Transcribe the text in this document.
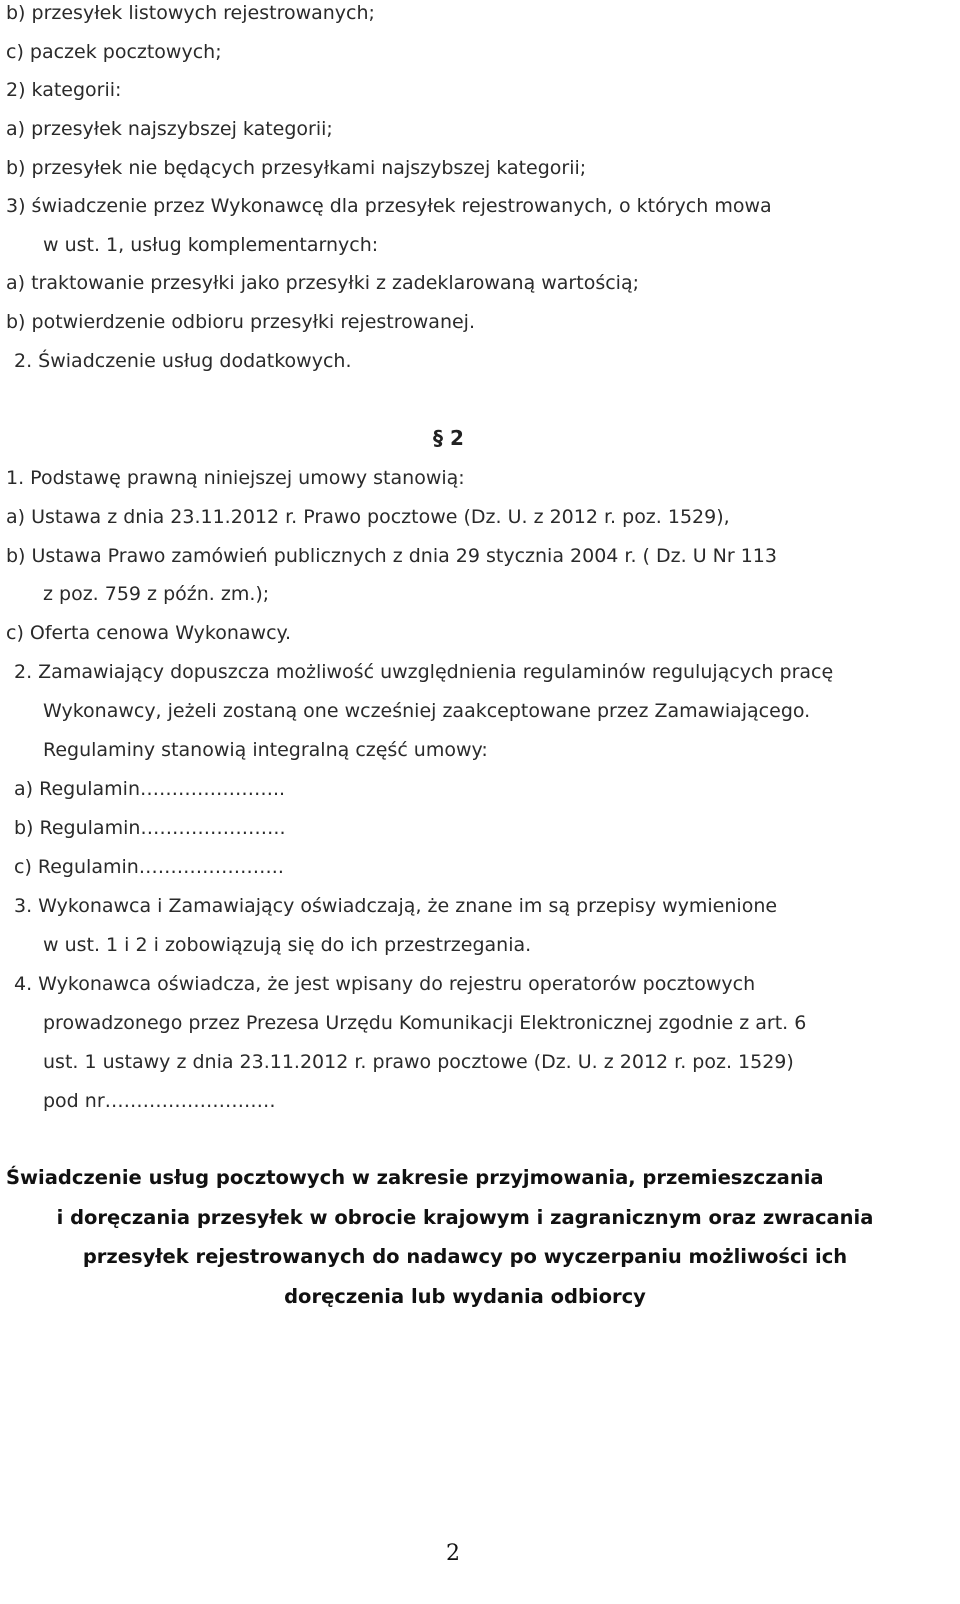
b) przesyłek listowych rejestrowanych;
c) paczek pocztowych;
2) kategorii:
a) przesyłek najszybszej kategorii;
b) przesyłek nie będących przesyłkami najszybszej kategorii;
3) świadczenie przez Wykonawcę dla przesyłek rejestrowanych, o których mowa
w ust. 1, usług komplementarnych:
a) traktowanie przesyłki jako przesyłki z zadeklarowaną wartością;
b) potwierdzenie odbioru przesyłki rejestrowanej.
2. Świadczenie usług dodatkowych.
§ 2
1. Podstawę prawną niniejszej umowy stanowią:
a) Ustawa z dnia 23.11.2012 r. Prawo pocztowe (Dz. U. z 2012 r. poz. 1529),
b) Ustawa Prawo zamówień publicznych z dnia 29 stycznia 2004 r. ( Dz. U Nr 113
z poz. 759 z późn. zm.);
c) Oferta cenowa Wykonawcy.
2. Zamawiający dopuszcza możliwość uwzględnienia regulaminów regulujących pracę
Wykonawcy, jeżeli zostaną one wcześniej zaakceptowane przez Zamawiającego.
Regulaminy stanowią integralną część umowy:
a) Regulamin…………………..
b) Regulamin…………………..
c) Regulamin…………………..
3. Wykonawca i Zamawiający oświadczają, że znane im są przepisy wymienione
w ust. 1 i 2 i zobowiązują się do ich przestrzegania.
4. Wykonawca oświadcza, że jest wpisany do rejestru operatorów pocztowych
prowadzonego przez Prezesa Urzędu Komunikacji Elektronicznej zgodnie z art. 6
ust. 1 ustawy z dnia 23.11.2012 r. prawo pocztowe (Dz. U. z 2012 r. poz. 1529)
pod nr………………………
Świadczenie usług pocztowych w zakresie przyjmowania, przemieszczania
i doręczania przesyłek w obrocie krajowym i zagranicznym oraz zwracania
przesyłek rejestrowanych do nadawcy po wyczerpaniu możliwości ich
doręczenia lub wydania odbiorcy
2
